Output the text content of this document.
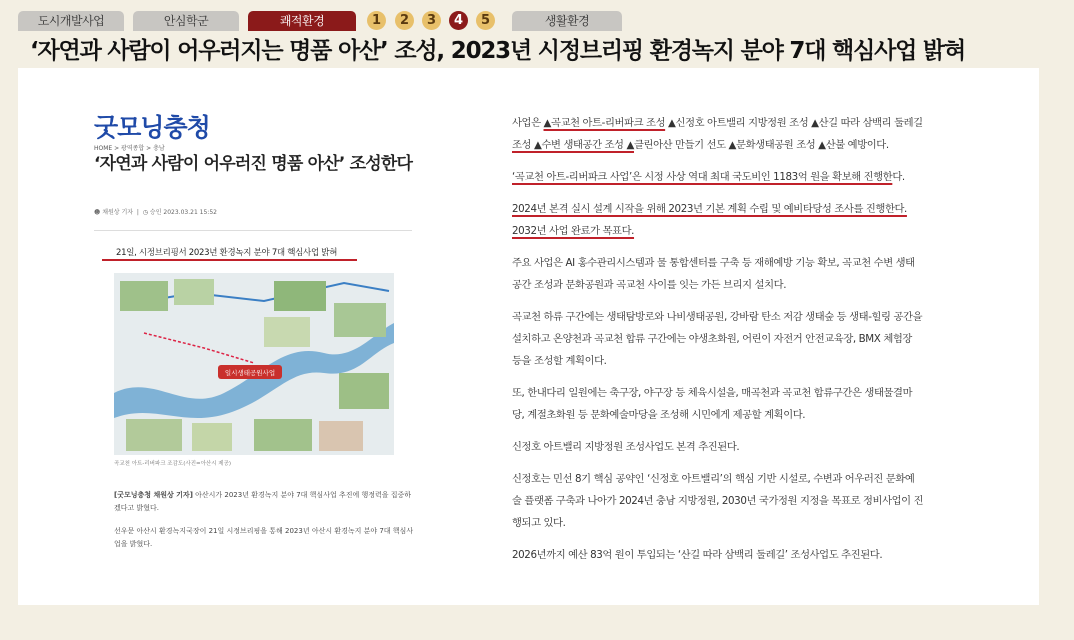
도시개발사업	안심학군	쾌적환경	생활환경
1	2	3	4	5
‘자연과 사람이 어우러지는 명품 아산’ 조성, 2023년 시정브리핑 환경녹지 분야 7대 핵심사업 밝혀
굿모닝충청
HOME > 광역종합 > 충남
‘자연과 사람이 어우러진 명품 아산’ 조성한다
☻ 채원상 기자  |  ◷ 승인 2023.03.21 15:52
21일, 시정브리핑서 2023년 환경녹지 분야 7대 핵심사업 밝혀
일시생태공원사업
곡교천 아트-리버파크 조감도(사진=아산시 제공)
[굿모닝충청 채원상 기자] 아산시가 2023년 환경녹지 분야 7대 핵심사업 추진에 행정력을 집중하겠다고 밝혔다.
선우문 아산시 환경녹지국장이 21일 시정브리핑을 통해 2023년 아산시 환경녹지 분야 7대 핵심사업을 밝혔다.

사업은 ▲곡교천 아트-리버파크 조성 ▲신정호 아트밸리 지방정원 조성 ▲산길 따라 삼백리 둘레길 조성 ▲수변 생태공간 조성 ▲클린아산 만들기 선도 ▲문화생태공원 조성 ▲산불 예방이다.

‘곡교천 아트-리버파크 사업’은 시정 사상 역대 최대 국도비인 1183억 원을 확보해 진행한다.

2024년 본격 실시 설계 시작을 위해 2023년 기본 계획 수립 및 예비타당성 조사를 진행한다. 2032년 사업 완료가 목표다.

주요 사업은 AI 홍수관리시스템과 물 통합센터를 구축 등 재해예방 기능 확보, 곡교천 수변 생태공간 조성과 문화공원과 곡교천 사이를 잇는 가든 브리지 설치다.

곡교천 하류 구간에는 생태탐방로와 나비생태공원, 강바람 탄소 저감 생태숲 등 생태-힐링 공간을 설치하고 온양천과 곡교천 합류 구간에는 야생초화원, 어린이 자전거 안전교육장, BMX 체험장 등을 조성할 계획이다.

또, 한내다리 일원에는 축구장, 야구장 등 체육시설을, 매곡천과 곡교천 합류구간은 생태물결마당, 계절초화원 등 문화예술마당을 조성해 시민에게 제공할 계획이다.

신정호 아트밸리 지방정원 조성사업도 본격 추진된다.

신정호는 민선 8기 핵심 공약인 ‘신정호 아트밸리’의 핵심 기반 시설로, 수변과 어우러진 문화예술 플랫폼 구축과 나아가 2024년 충남 지방정원, 2030년 국가정원 지정을 목표로 정비사업이 진행되고 있다.

2026년까지 예산 83억 원이 투입되는 ‘산길 따라 삼백리 둘레길’ 조성사업도 추진된다.
